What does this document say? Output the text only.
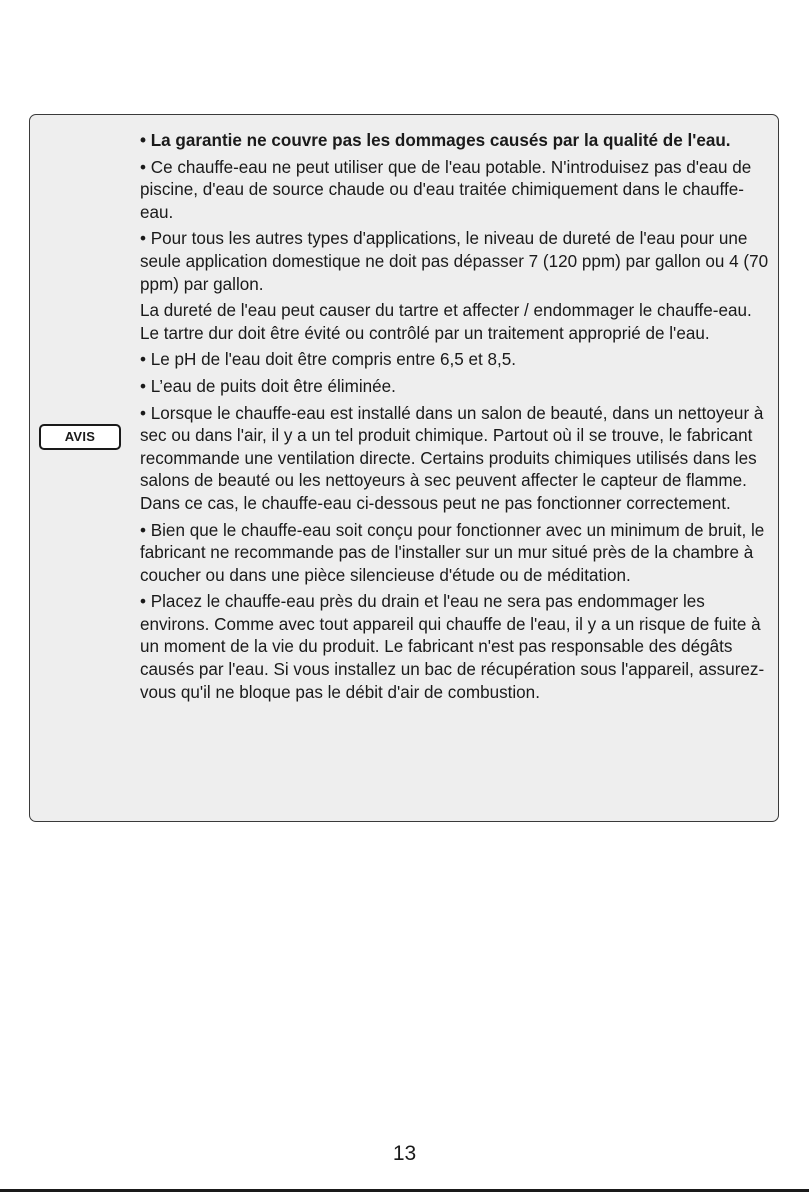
AVIS

• La garantie ne couvre pas les dommages causés par la qualité de l'eau.

• Ce chauffe-eau ne peut utiliser que de l'eau potable. N'introduisez pas d'eau de piscine, d'eau de source chaude ou d'eau traitée chimiquement dans le chauffe-eau.

• Pour tous les autres types d'applications, le niveau de dureté de l'eau pour une seule application domestique ne doit pas dépasser 7 (120 ppm) par gallon ou 4 (70 ppm) par gallon.

La dureté de l'eau peut causer du tartre et affecter / endommager le chauffe-eau. Le tartre dur doit être évité ou contrôlé par un traitement approprié de l'eau.

• Le pH de l'eau doit être compris entre 6,5 et 8,5.

• L’eau de puits doit être éliminée.

• Lorsque le chauffe-eau est installé dans un salon de beauté, dans un nettoyeur à sec ou dans l'air, il y a un tel produit chimique. Partout où il se trouve, le fabricant recommande une ventilation directe. Certains produits chimiques utilisés dans les salons de beauté ou les nettoyeurs à sec peuvent affecter le capteur de flamme. Dans ce cas, le chauffe-eau ci-dessous peut ne pas fonctionner correctement.

• Bien que le chauffe-eau soit conçu pour fonctionner avec un minimum de bruit, le fabricant ne recommande pas de l'installer sur un mur situé près de la chambre à coucher ou dans une pièce silencieuse d'étude ou de méditation.

• Placez le chauffe-eau près du drain et l'eau ne sera pas endommager les environs. Comme avec tout appareil qui chauffe de l'eau, il y a un risque de fuite à un moment de la vie du produit. Le fabricant n'est pas responsable des dégâts causés par l'eau. Si vous installez un bac de récupération sous l'appareil, assurez-vous qu'il ne bloque pas le débit d'air de combustion.

13
